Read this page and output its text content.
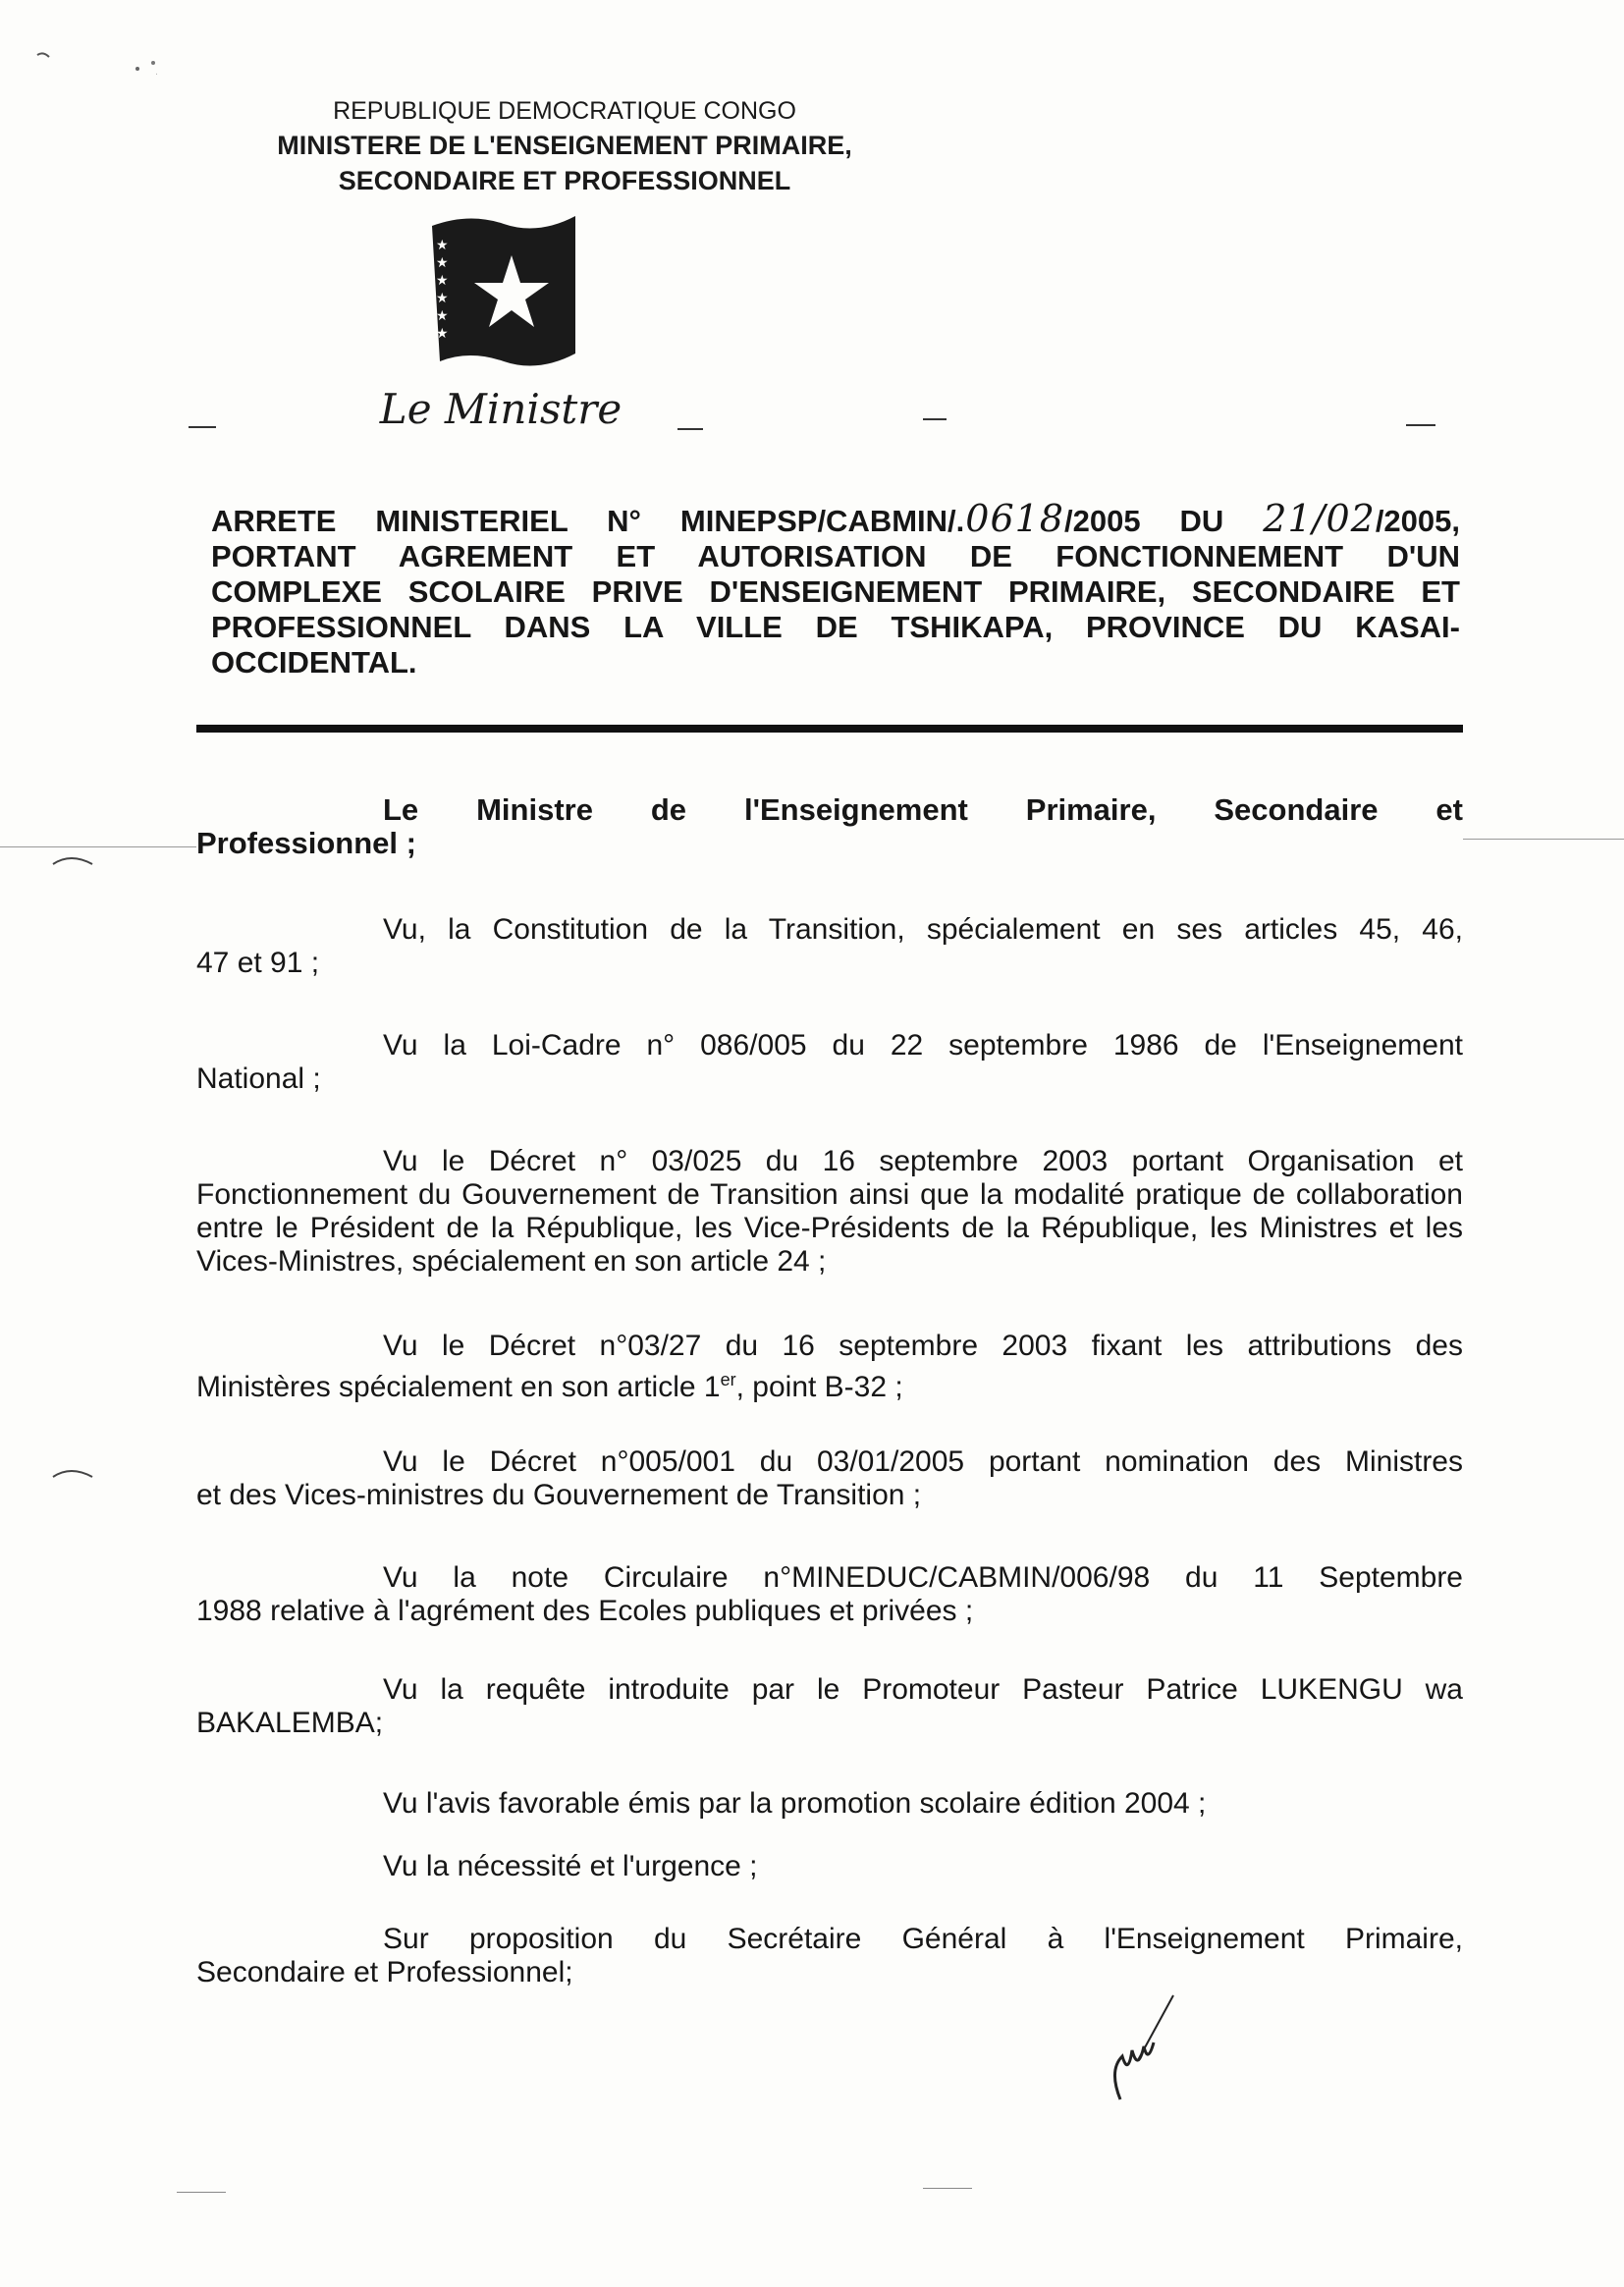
REPUBLIQUE DEMOCRATIQUE CONGO
MINISTERE DE L'ENSEIGNEMENT PRIMAIRE,
SECONDAIRE ET PROFESSIONNEL
★
★
★
★
★
★
Le Ministre
ARRETE MINISTERIEL N° MINEPSP/CABMIN/.0618/2005 DU 21/02/2005,
PORTANT AGREMENT ET AUTORISATION DE FONCTIONNEMENT D'UN
COMPLEXE SCOLAIRE PRIVE D'ENSEIGNEMENT PRIMAIRE, SECONDAIRE ET
PROFESSIONNEL DANS LA VILLE DE TSHIKAPA, PROVINCE DU KASAI-
OCCIDENTAL.
Le Ministre de l'Enseignement Primaire, Secondaire et
Professionnel ;
Vu, la Constitution de la Transition, spécialement en ses articles 45, 46,
47 et 91 ;
Vu la Loi-Cadre n° 086/005 du 22 septembre 1986 de l'Enseignement
National ;
Vu le Décret n° 03/025 du 16 septembre 2003 portant Organisation et
Fonctionnement du Gouvernement de Transition ainsi que la modalité pratique de collaboration entre le Président de la République, les Vice-Présidents de la République, les Ministres et les Vices-Ministres, spécialement en son article 24 ;
Vu le Décret n°03/27 du 16 septembre 2003 fixant les attributions des
Ministères spécialement en son article 1er, point B-32 ;
Vu le Décret n°005/001 du 03/01/2005 portant nomination des Ministres
et des Vices-ministres du Gouvernement de Transition ;
Vu la note Circulaire n°MINEDUC/CABMIN/006/98 du 11 Septembre
1988 relative à l'agrément des Ecoles publiques et privées ;
Vu la requête introduite par le Promoteur Pasteur Patrice LUKENGU wa
BAKALEMBA;
Vu l'avis favorable émis par la promotion scolaire édition 2004 ;
Vu la nécessité et l'urgence ;
Sur proposition du Secrétaire Général à l'Enseignement Primaire,
Secondaire et Professionnel;
